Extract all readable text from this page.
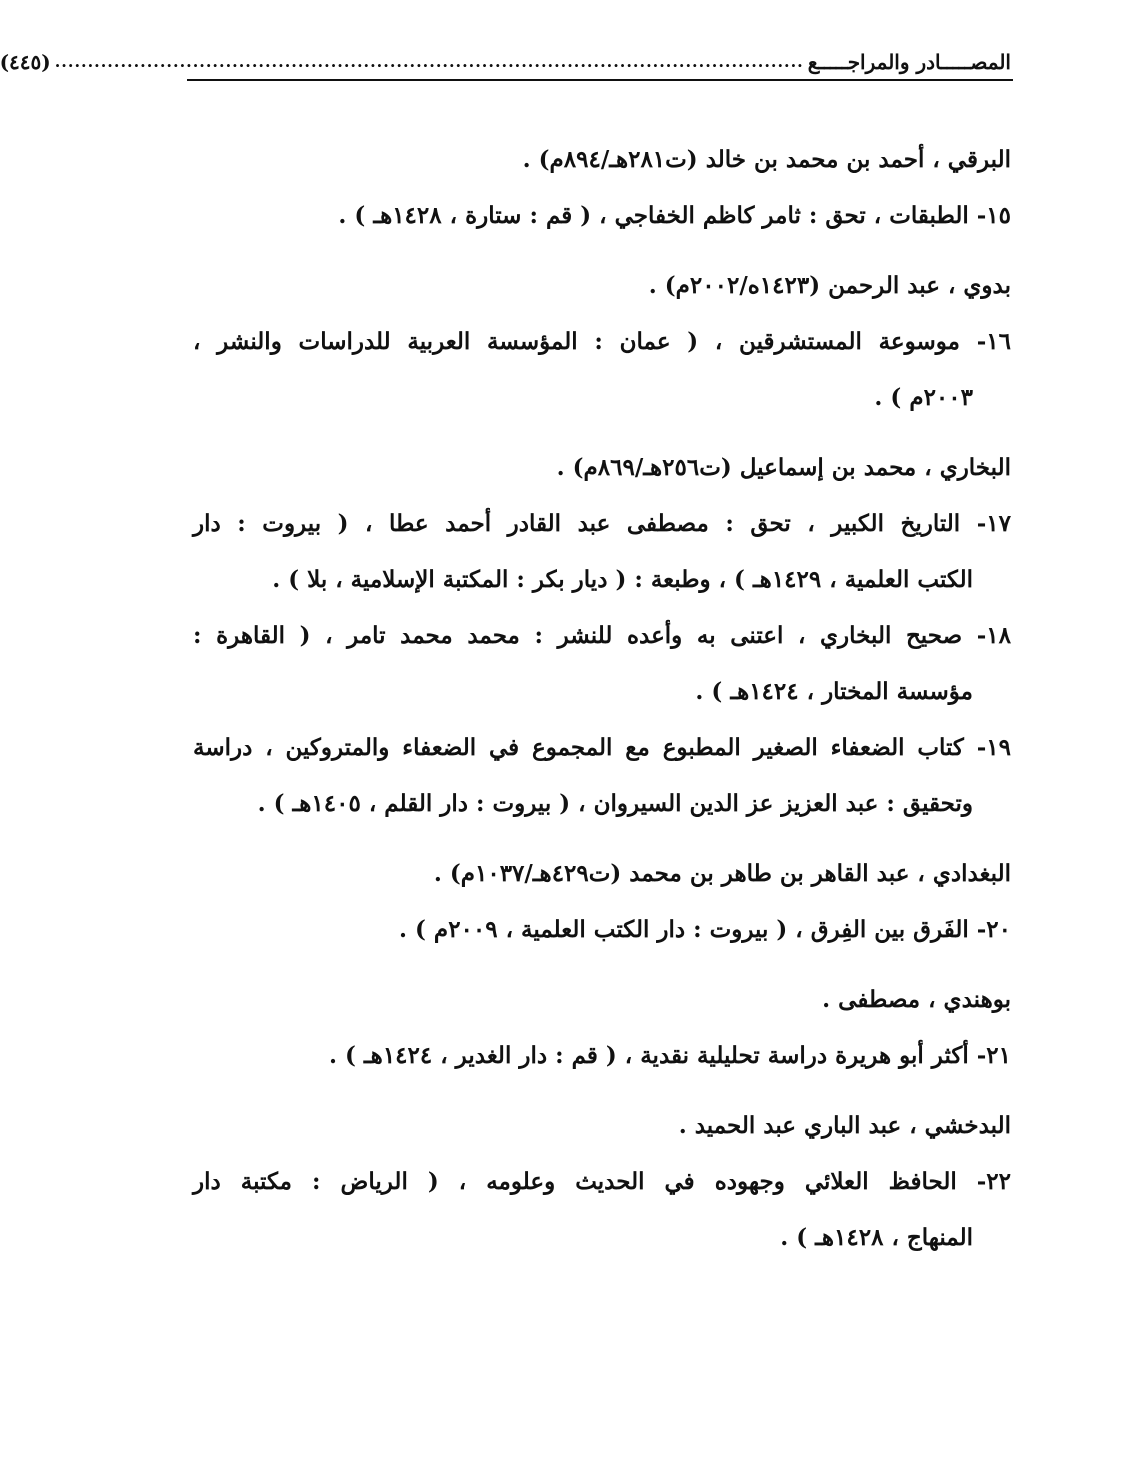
المصـــــادر والمراجـــــع
..................................................................................................................
(٤٤٥)
البرقي ، أحمد بن محمد بن خالد (ت٢٨١هـ/٨٩٤م) .
١٥- الطبقات ، تحق : ثامر كاظم الخفاجي ، ( قم : ستارة ، ١٤٢٨هـ ) .
بدوي ، عبد الرحمن (١٤٢٣ه/٢٠٠٢م) .
١٦- موسوعة المستشرقين ، ( عمان : المؤسسة العربية للدراسات والنشر ،
٢٠٠٣م ) .
البخاري ، محمد بن إسماعيل (ت٢٥٦هـ/٨٦٩م) .
١٧- التاريخ الكبير ، تحق : مصطفى عبد القادر أحمد عطا ، ( بيروت : دار
الكتب العلمية ، ١٤٢٩هـ ) ، وطبعة : ( ديار بكر : المكتبة الإسلامية ، بلا ) .
١٨- صحيح البخاري ، اعتنى به وأعده للنشر : محمد محمد تامر ، ( القاهرة :
مؤسسة المختار ، ١٤٢٤هـ ) .
١٩- كتاب الضعفاء الصغير المطبوع مع المجموع في الضعفاء والمتروكين ، دراسة
وتحقيق : عبد العزيز عز الدين السيروان ، ( بيروت : دار القلم ، ١٤٠٥هـ ) .
البغدادي ، عبد القاهر بن طاهر بن محمد (ت٤٢٩هـ/١٠٣٧م) .
٢٠- الفَرق بين الفِرق ، ( بيروت : دار الكتب العلمية ، ٢٠٠٩م ) .
بوهندي ، مصطفى .
٢١- أكثر أبو هريرة دراسة تحليلية نقدية ، ( قم : دار الغدير ، ١٤٢٤هـ ) .
البدخشي ، عبد الباري عبد الحميد .
٢٢- الحافظ العلائي وجهوده في الحديث وعلومه ، ( الرياض : مكتبة دار
المنهاج ، ١٤٢٨هـ ) .
